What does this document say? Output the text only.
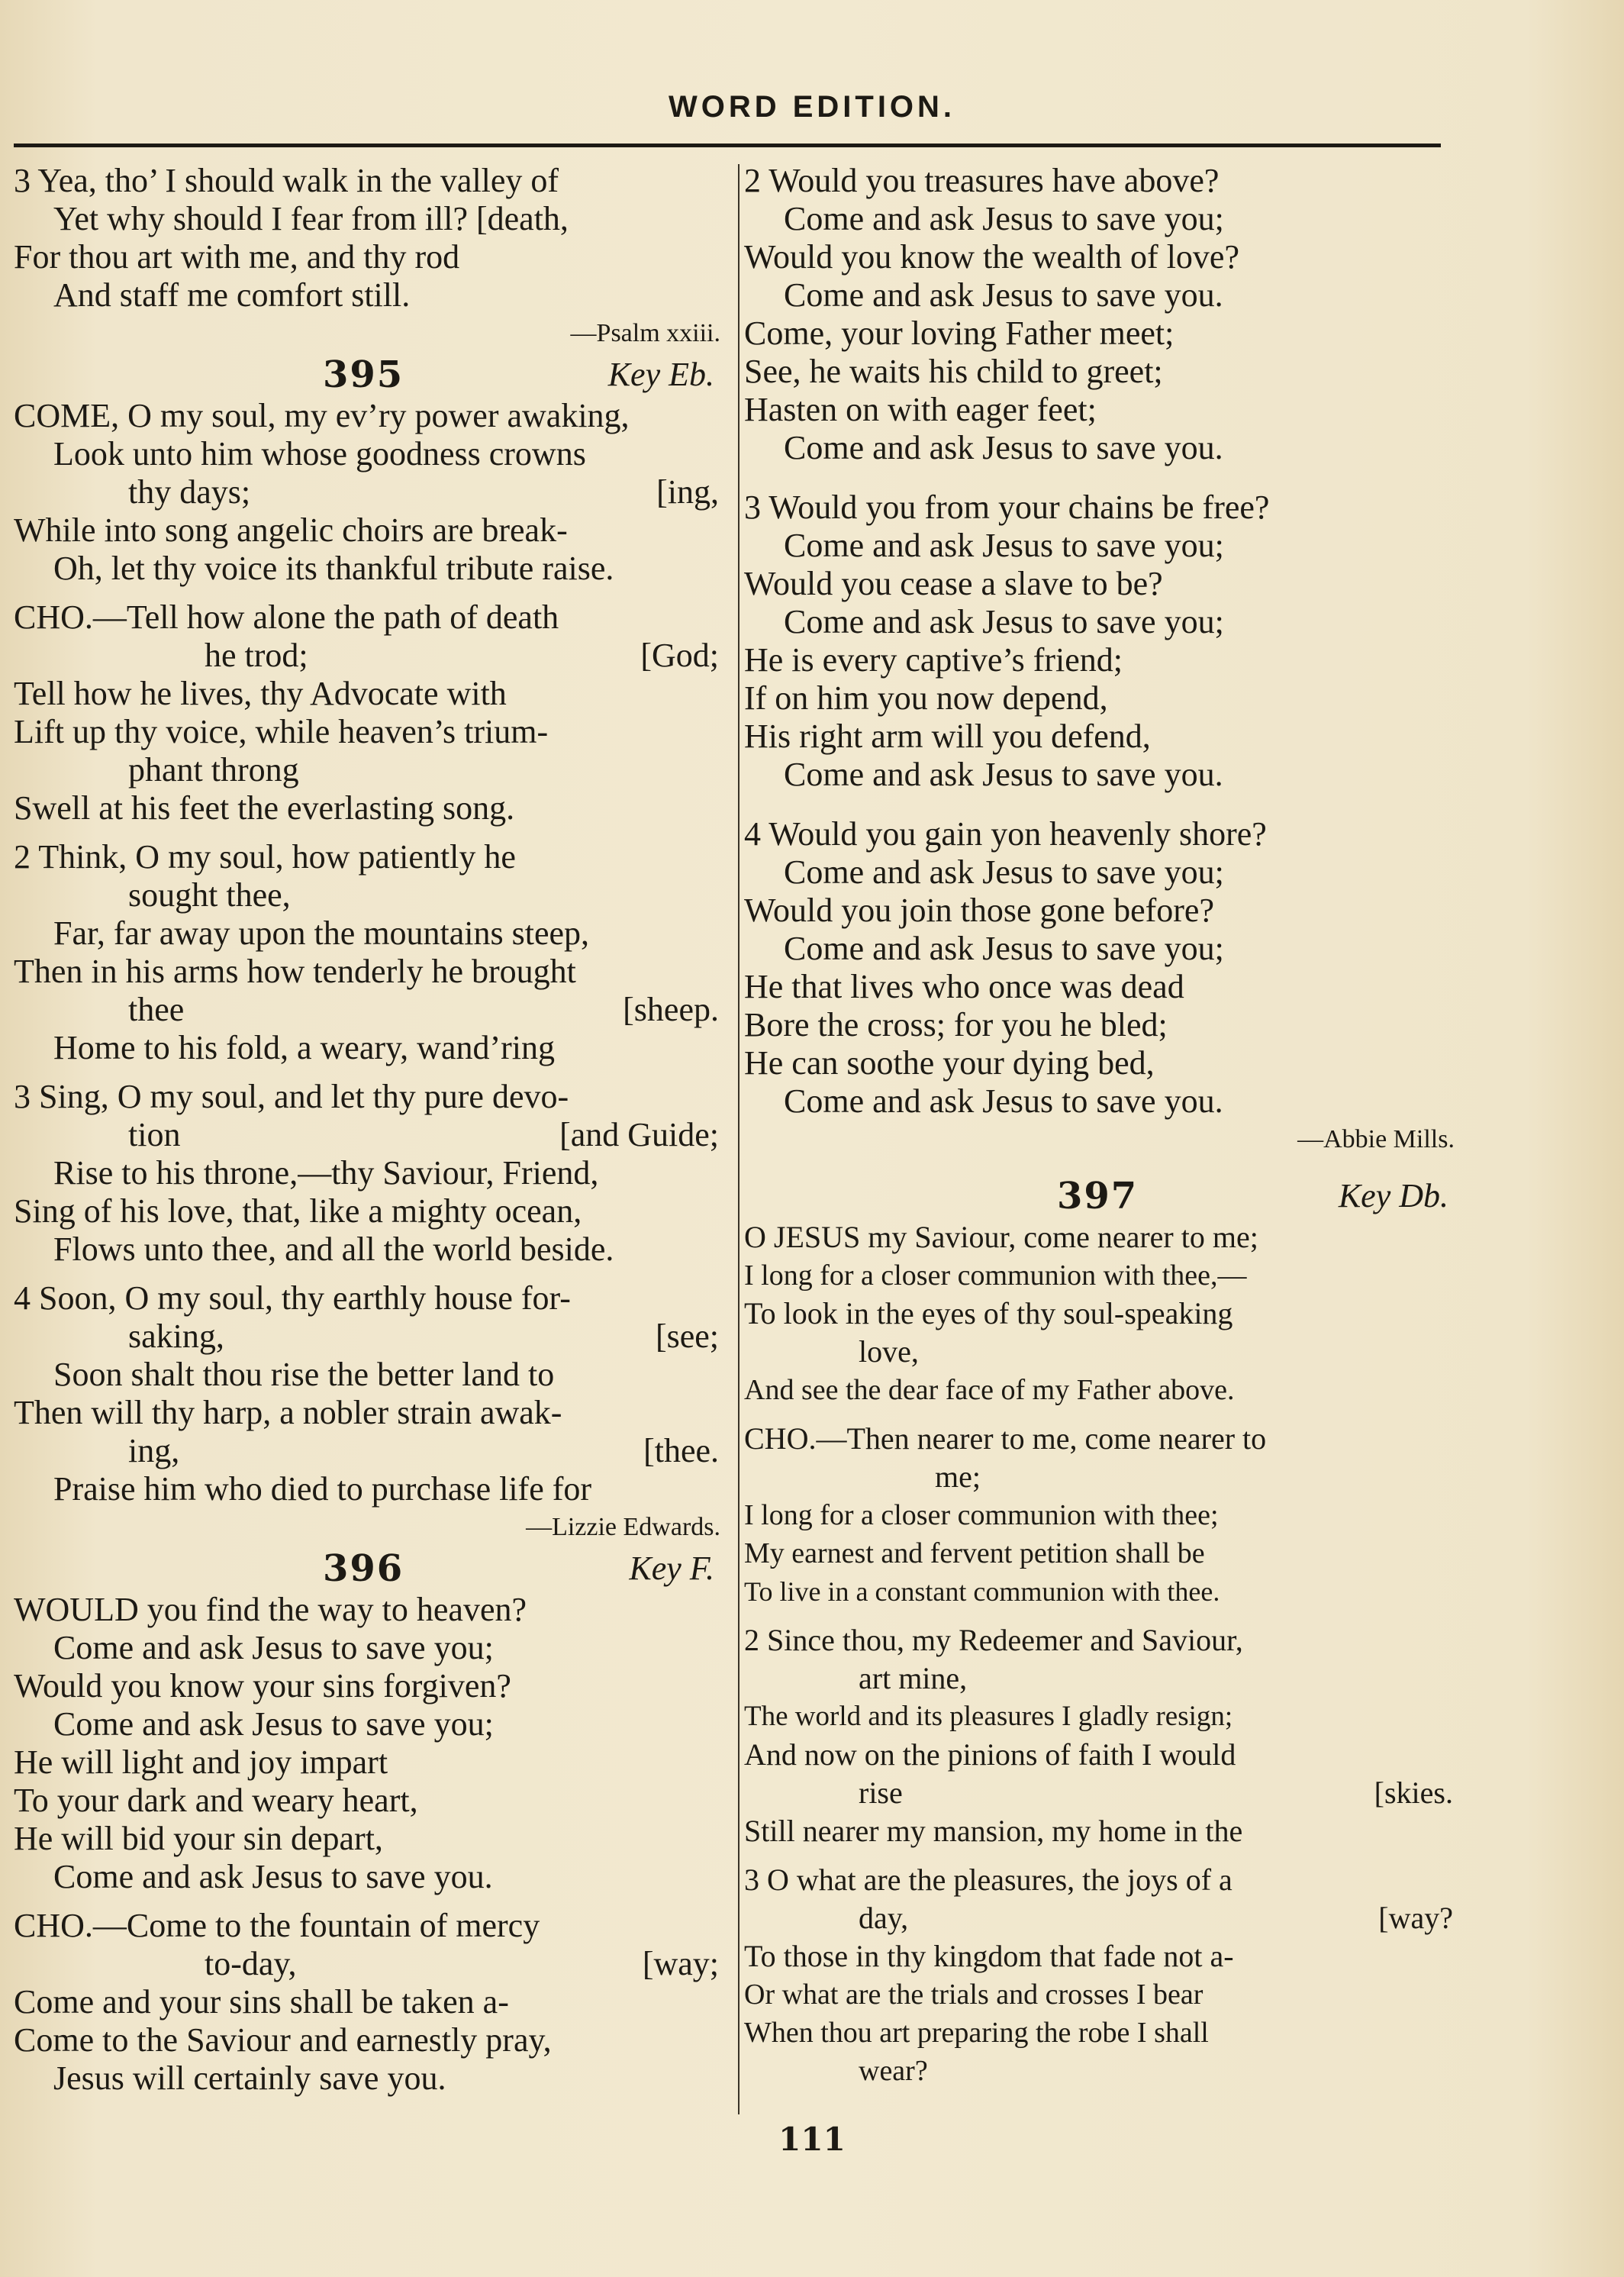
WORD EDITION.
3 Yea, tho’ I should walk in the valley of
Yet why should I fear from ill? [death,
For thou art with me, and thy rod
And staff me comfort still.
—Psalm xxiii.
395	Key Eb.
COME, O my soul, my ev’ry power awaking,
Look unto him whose goodness crowns
thy days;	[ing,
While into song angelic choirs are break-
Oh, let thy voice its thankful tribute raise.
CHO.—Tell how alone the path of death
he trod;	[God;
Tell how he lives, thy Advocate with
Lift up thy voice, while heaven’s trium-
phant throng
Swell at his feet the everlasting song.
2 Think, O my soul, how patiently he
sought thee,
Far, far away upon the mountains steep,
Then in his arms how tenderly he brought
thee	[sheep.
Home to his fold, a weary, wand’ring
3 Sing, O my soul, and let thy pure devo-
tion	[and Guide;
Rise to his throne,—thy Saviour, Friend,
Sing of his love, that, like a mighty ocean,
Flows unto thee, and all the world beside.
4 Soon, O my soul, thy earthly house for-
saking,	[see;
Soon shalt thou rise the better land to
Then will thy harp, a nobler strain awak-
ing,	[thee.
Praise him who died to purchase life for
—Lizzie Edwards.
396	Key F.
WOULD you find the way to heaven?
Come and ask Jesus to save you;
Would you know your sins forgiven?
Come and ask Jesus to save you;
He will light and joy impart
To your dark and weary heart,
He will bid your sin depart,
Come and ask Jesus to save you.
CHO.—Come to the fountain of mercy
to-day,	[way;
Come and your sins shall be taken a-
Come to the Saviour and earnestly pray,
Jesus will certainly save you.
2 Would you treasures have above?
Come and ask Jesus to save you;
Would you know the wealth of love?
Come and ask Jesus to save you.
Come, your loving Father meet;
See, he waits his child to greet;
Hasten on with eager feet;
Come and ask Jesus to save you.
3 Would you from your chains be free?
Come and ask Jesus to save you;
Would you cease a slave to be?
Come and ask Jesus to save you;
He is every captive’s friend;
If on him you now depend,
His right arm will you defend,
Come and ask Jesus to save you.
4 Would you gain yon heavenly shore?
Come and ask Jesus to save you;
Would you join those gone before?
Come and ask Jesus to save you;
He that lives who once was dead
Bore the cross; for you he bled;
He can soothe your dying bed,
Come and ask Jesus to save you.
—Abbie Mills.
397	Key Db.
O JESUS my Saviour, come nearer to me;
I long for a closer communion with thee,—
To look in the eyes of thy soul-speaking
love,
And see the dear face of my Father above.
CHO.—Then nearer to me, come nearer to
me;
I long for a closer communion with thee;
My earnest and fervent petition shall be
To live in a constant communion with thee.
2 Since thou, my Redeemer and Saviour,
art mine,
The world and its pleasures I gladly resign;
And now on the pinions of faith I would
rise	[skies.
Still nearer my mansion, my home in the
3 O what are the pleasures, the joys of a
day,	[way?
To those in thy kingdom that fade not a-
Or what are the trials and crosses I bear
When thou art preparing the robe I shall
wear?
111
